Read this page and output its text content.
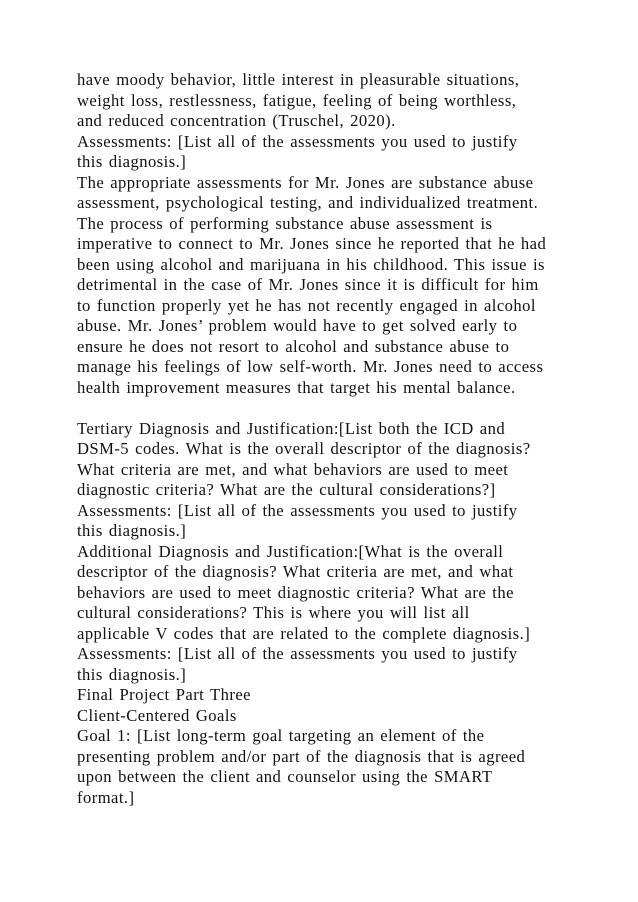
have moody behavior, little interest in pleasurable situations,
weight loss, restlessness, fatigue, feeling of being worthless,
and reduced concentration (Truschel, 2020).
Assessments: [List all of the assessments you used to justify
this diagnosis.]
The appropriate assessments for Mr. Jones are substance abuse
assessment, psychological testing, and individualized treatment.
The process of performing substance abuse assessment is
imperative to connect to Mr. Jones since he reported that he had
been using alcohol and marijuana in his childhood. This issue is
detrimental in the case of Mr. Jones since it is difficult for him
to function properly yet he has not recently engaged in alcohol
abuse. Mr. Jones’ problem would have to get solved early to
ensure he does not resort to alcohol and substance abuse to
manage his feelings of low self-worth. Mr. Jones need to access
health improvement measures that target his mental balance.
Tertiary Diagnosis and Justification:[List both the ICD and
DSM-5 codes. What is the overall descriptor of the diagnosis?
What criteria are met, and what behaviors are used to meet
diagnostic criteria? What are the cultural considerations?]
Assessments: [List all of the assessments you used to justify
this diagnosis.]
Additional Diagnosis and Justification:[What is the overall
descriptor of the diagnosis? What criteria are met, and what
behaviors are used to meet diagnostic criteria? What are the
cultural considerations? This is where you will list all
applicable V codes that are related to the complete diagnosis.]
Assessments: [List all of the assessments you used to justify
this diagnosis.]
Final Project Part Three
Client-Centered Goals
Goal 1: [List long-term goal targeting an element of the
presenting problem and/or part of the diagnosis that is agreed
upon between the client and counselor using the SMART
format.]
